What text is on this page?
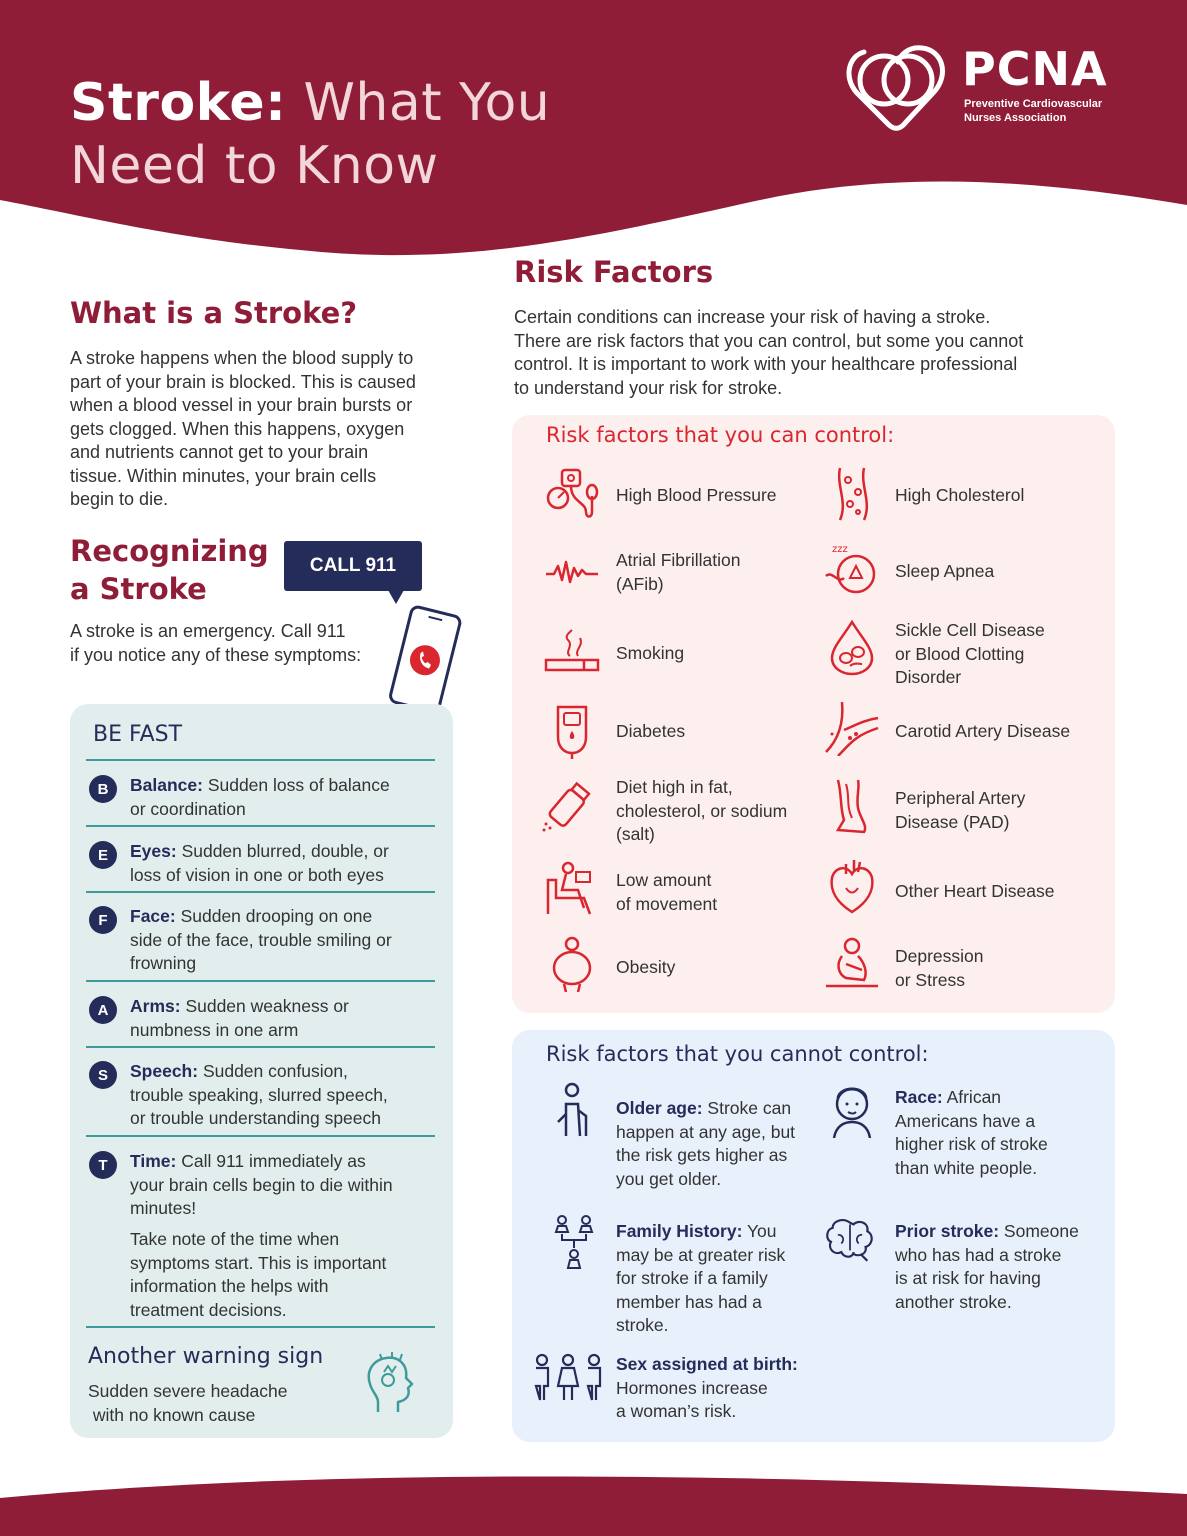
Stroke: What You
Need to Know
PCNA
Preventive Cardiovascular
Nurses Association
What is a Stroke?
A stroke happens when the blood supply to
part of your brain is blocked. This is caused
when a blood vessel in your brain bursts or
gets clogged. When this happens, oxygen
and nutrients cannot get to your brain
tissue. Within minutes, your brain cells
begin to die.
Recognizing
a Stroke
CALL 911
A stroke is an emergency. Call 911
if you notice any of these symptoms:
BE FAST
B	Balance: Sudden loss of balance
or coordination
E	Eyes: Sudden blurred, double, or
loss of vision in one or both eyes
F	Face: Sudden drooping on one
side of the face, trouble smiling or
frowning
A	Arms: Sudden weakness or
numbness in one arm
S	Speech: Sudden confusion,
trouble speaking, slurred speech,
or trouble understanding speech
T	Time: Call 911 immediately as
your brain cells begin to die within
minutes!
Take note of the time when
symptoms start. This is important
information the helps with
treatment decisions.
Another warning sign
Sudden severe headache
with no known cause
Risk Factors
Certain conditions can increase your risk of having a stroke.
There are risk factors that you can control, but some you cannot
control. It is important to work with your healthcare professional
to understand your risk for stroke.
Risk factors that you can control:
High Blood Pressure
Atrial Fibrillation
(AFib)
Smoking
Diabetes
Diet high in fat,
cholesterol, or sodium
(salt)
Low amount
of movement
Obesity
High Cholesterol
zzz
Sleep Apnea
Sickle Cell Disease
or Blood Clotting
Disorder
Carotid Artery Disease
Peripheral Artery
Disease (PAD)
Other Heart Disease
Depression
or Stress
Risk factors that you cannot control:
Older age: Stroke can
happen at any age, but
the risk gets higher as
you get older.
Race: African
Americans have a
higher risk of stroke
than white people.
Family History: You
may be at greater risk
for stroke if a family
member has had a
stroke.
Prior stroke: Someone
who has had a stroke
is at risk for having
another stroke.
Sex assigned at birth:
Hormones increase
a woman’s risk.
